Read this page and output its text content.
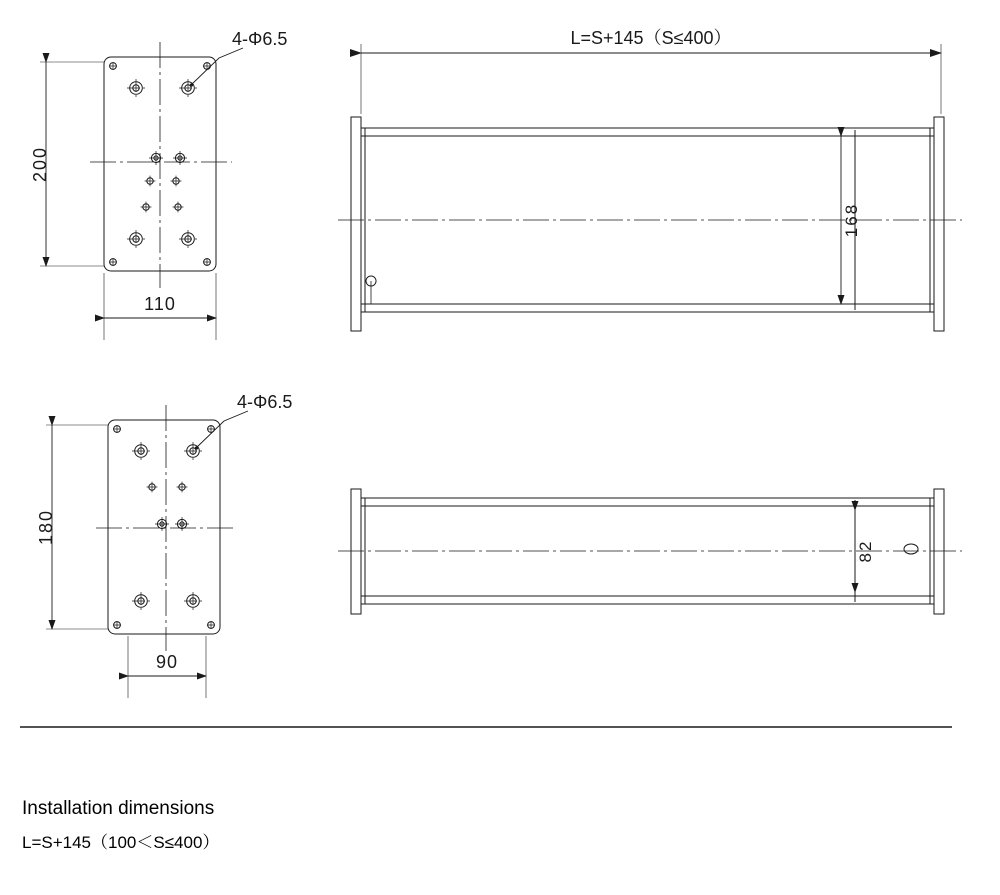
4-Φ6.5
200
110
L=S+145（S≤400）
168
4-Φ6.5
180
90
82
Installation dimensions
L=S+145（100＜S≤400）
